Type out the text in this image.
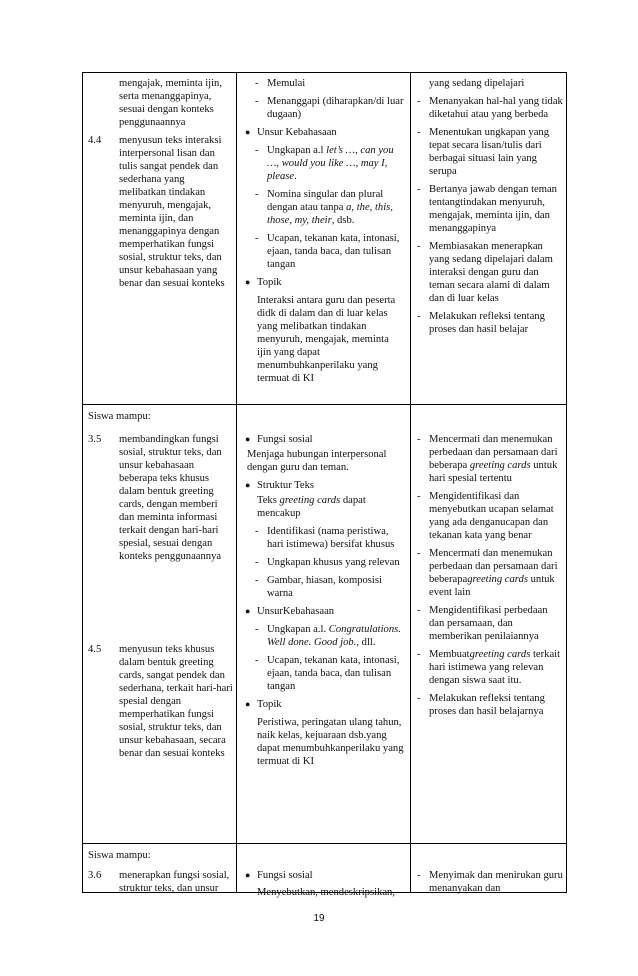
mengajak, meminta ijin, serta menanggapinya, sesuai dengan konteks penggunaannya
4.4 menyusun teks interaksi interpersonal lisan dan tulis sangat pendek dan sederhana yang melibatkan tindakan menyuruh, mengajak, meminta ijin, dan menanggapinya dengan memperhatikan fungsi sosial, struktur teks, dan unsur kebahasaan yang benar dan sesuai konteks
- Memulai
- Menanggapi (diharapkan/di luar dugaan)
● Unsur Kebahasaan
- Ungkapan a.l let’s …, can you …, would you like …, may I, please.
- Nomina singular dan plural dengan atau tanpa a, the, this, those, my, their, dsb.
- Ucapan, tekanan kata, intonasi, ejaan, tanda baca, dan tulisan tangan
● Topik
Interaksi antara guru dan peserta didk di dalam dan di luar kelas yang melibatkan tindakan menyuruh, mengajak, meminta ijin yang dapat menumbuhkanperilaku yang termuat di KI
yang sedang dipelajari
- Menanyakan hal-hal yang tidak diketahui atau yang berbeda
- Menentukan ungkapan yang tepat secara lisan/tulis dari berbagai situasi lain yang serupa
- Bertanya jawab dengan teman tentangtindakan menyuruh, mengajak, meminta ijin, dan menanggapinya
- Membiasakan menerapkan yang sedang dipelajari dalam interaksi dengan guru dan teman secara alami di dalam dan di luar kelas
- Melakukan refleksi tentang proses dan hasil belajar
Siswa mampu:
3.5 membandingkan fungsi sosial, struktur teks, dan unsur kebahasaan beberapa teks khusus dalam bentuk greeting cards, dengan memberi dan meminta informasi terkait dengan hari-hari spesial, sesuai dengan konteks penggunaannya
4.5 menyusun teks khusus dalam bentuk greeting cards, sangat pendek dan sederhana, terkait hari-hari spesial dengan memperhatikan fungsi sosial, struktur teks, dan unsur kebahasaan, secara benar dan sesuai konteks
● Fungsi sosial
Menjaga hubungan interpersonal dengan guru dan teman.
● Struktur Teks
Teks greeting cards dapat mencakup
- Identifikasi (nama peristiwa, hari istimewa) bersifat khusus
- Ungkapan khusus yang relevan
- Gambar, hiasan, komposisi warna
● UnsurKebahasaan
- Ungkapan a.l. Congratulations. Well done. Good job., dll.
- Ucapan, tekanan kata, intonasi, ejaan, tanda baca, dan tulisan tangan
● Topik
Peristiwa, peringatan ulang tahun, naik kelas, kejuaraan dsb.yang dapat menumbuhkanperilaku yang termuat di KI
- Mencermati dan menemukan perbedaan dan persamaan dari beberapa greeting cards untuk hari spesial tertentu
- Mengidentifikasi dan menyebutkan ucapan selamat yang ada denganucapan dan tekanan kata yang benar
- Mencermati dan menemukan perbedaan dan persamaan dari beberapagreeting cards untuk event lain
- Mengidentifikasi perbedaan dan persamaan, dan memberikan penilaiannya
- Membuatgreeting cards terkait hari istimewa yang relevan dengan siswa saat itu.
- Melakukan refleksi tentang proses dan hasil belajarnya
Siswa mampu:
3.6 menerapkan fungsi sosial, struktur teks, dan unsur
● Fungsi sosial
Menyebutkan, mendeskripsikan,
- Menyimak dan menirukan guru menanyakan dan
19
